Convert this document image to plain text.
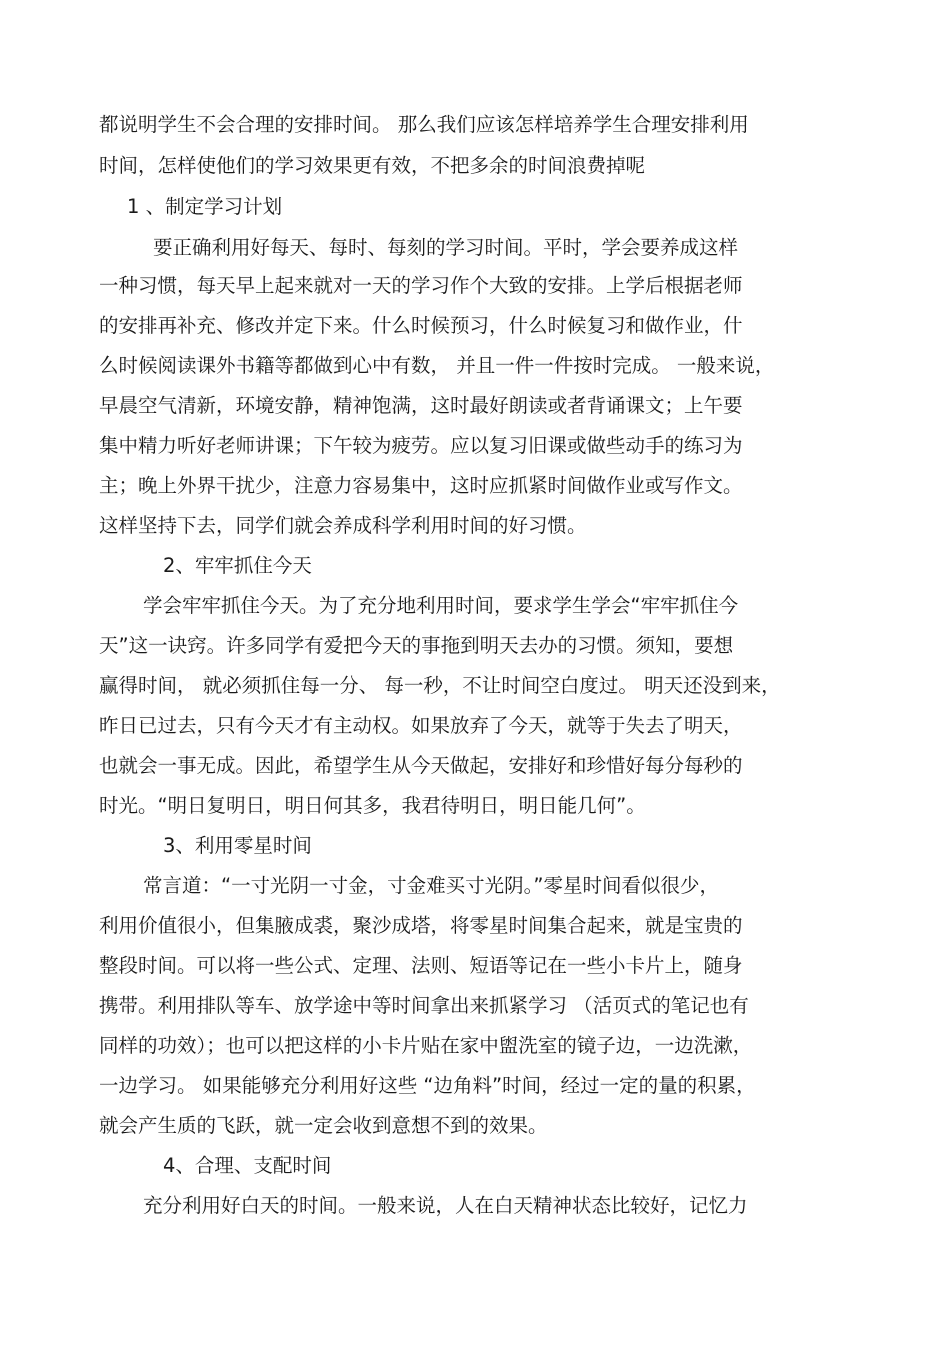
都说明学生不会合理的安排时间。 那么我们应该怎样培养学生合理安排利用
时间，怎样使他们的学习效果更有效，不把多余的时间浪费掉呢
1 、制定学习计划
要正确利用好每天、每时、每刻的学习时间。平时，学会要养成这样
一种习惯，每天早上起来就对一天的学习作个大致的安排。上学后根据老师
的安排再补充、修改并定下来。什么时候预习，什么时候复习和做作业，什
么时候阅读课外书籍等都做到心中有数， 并且一件一件按时完成。 一般来说，
早晨空气清新，环境安静，精神饱满，这时最好朗读或者背诵课文；上午要
集中精力听好老师讲课；下午较为疲劳。应以复习旧课或做些动手的练习为
主；晚上外界干扰少，注意力容易集中，这时应抓紧时间做作业或写作文。
这样坚持下去，同学们就会养成科学利用时间的好习惯。
2、牢牢抓住今天
学会牢牢抓住今天。为了充分地利用时间，要求学生学会“牢牢抓住今
天”这一诀窍。许多同学有爱把今天的事拖到明天去办的习惯。须知，要想
赢得时间， 就必须抓住每一分、 每一秒，不让时间空白度过。 明天还没到来，
昨日已过去，只有今天才有主动权。如果放弃了今天，就等于失去了明天，
也就会一事无成。因此，希望学生从今天做起，安排好和珍惜好每分每秒的
时光。“明日复明日，明日何其多，我君待明日，明日能几何”。
3、利用零星时间
常言道：“一寸光阴一寸金，寸金难买寸光阴。”零星时间看似很少，
利用价值很小，但集腋成裘，聚沙成塔，将零星时间集合起来，就是宝贵的
整段时间。可以将一些公式、定理、法则、短语等记在一些小卡片上，随身
携带。利用排队等车、放学途中等时间拿出来抓紧学习 （活页式的笔记也有
同样的功效）；也可以把这样的小卡片贴在家中盥洗室的镜子边，一边洗漱，
一边学习。 如果能够充分利用好这些 “边角料”时间，经过一定的量的积累，
就会产生质的飞跃，就一定会收到意想不到的效果。
4、合理、支配时间
充分利用好白天的时间。一般来说，人在白天精神状态比较好，记忆力
